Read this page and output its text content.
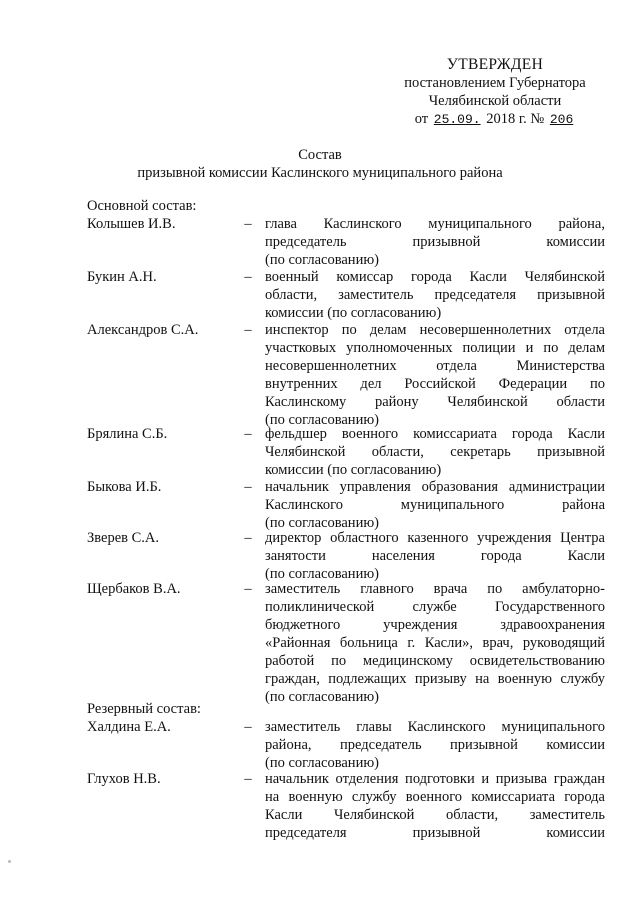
УТВЕРЖДЕН
постановлением Губернатора
Челябинской области
от 25.09. 2018 г. № 206
Состав
призывной комиссии Каслинского муниципального района
Основной состав:
Колышев И.В.	– глава Каслинского муниципального района,
председатель призывной комиссии
(по согласованию)
Букин А.Н.	– военный комиссар города Касли Челябинской
области, заместитель председателя призывной
комиссии (по согласованию)
Александров С.А.	– инспектор по делам несовершеннолетних отдела
участковых уполномоченных полиции и по делам
несовершеннолетних отдела Министерства
внутренних дел Российской Федерации по
Каслинскому району Челябинской области
(по согласованию)
Брялина С.Б.	– фельдшер военного комиссариата города Касли
Челябинской области, секретарь призывной
комиссии (по согласованию)
Быкова И.Б.	– начальник управления образования администрации
Каслинского муниципального района
(по согласованию)
Зверев С.А.	– директор областного казенного учреждения Центра
занятости населения города Касли
(по согласованию)
Щербаков В.А.	– заместитель главного врача по амбулаторно-
поликлинической службе Государственного
бюджетного учреждения здравоохранения
«Районная больница г. Касли», врач, руководящий
работой по медицинскому освидетельствованию
граждан, подлежащих призыву на военную службу
(по согласованию)
Резервный состав:
Халдина Е.А.	– заместитель главы Каслинского муниципального
района, председатель призывной комиссии
(по согласованию)
Глухов Н.В.	– начальник отделения подготовки и призыва граждан
на военную службу военного комиссариата города
Касли Челябинской области, заместитель
председателя призывной комиссии
